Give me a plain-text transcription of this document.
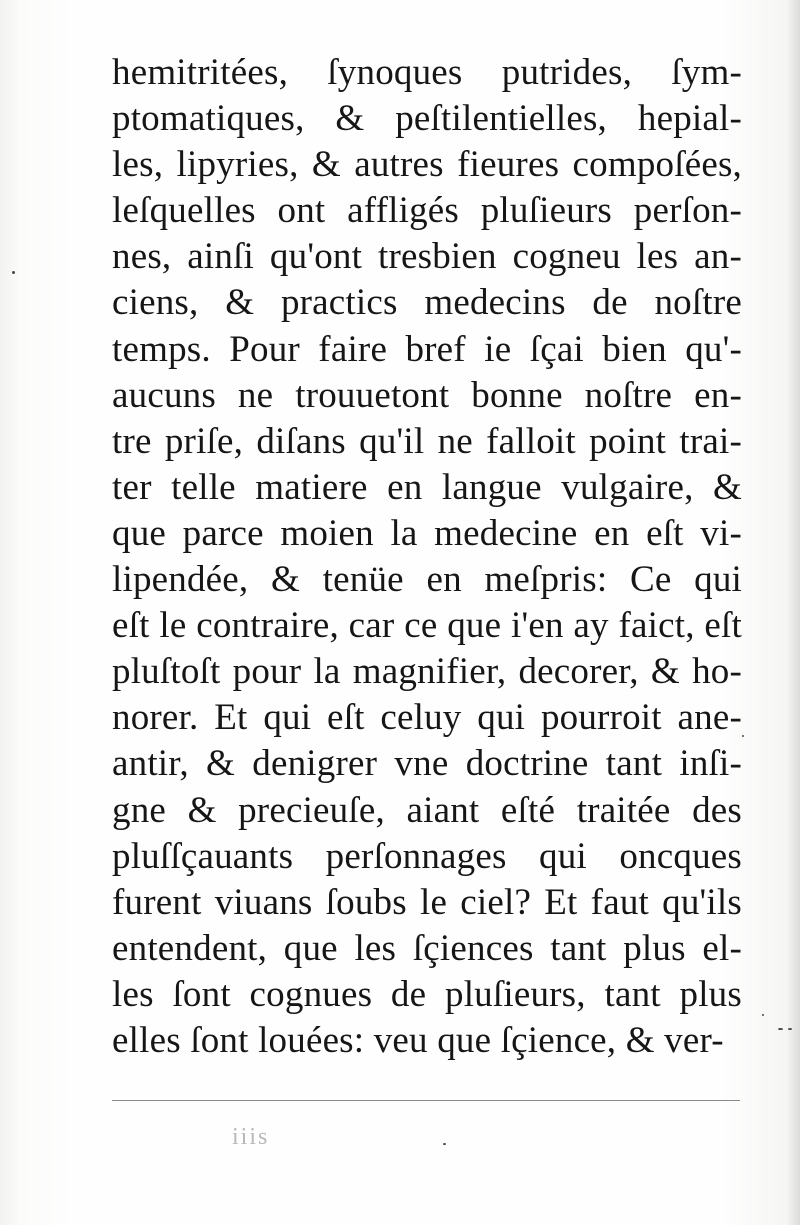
hemitritées, ſynoques putrides, ſym-
ptomatiques, & peſtilentielles, hepial-
les, lipyries, & autres fieures compoſées,
leſquelles ont affligés pluſieurs perſon-
nes, ainſi qu'ont tresbien cogneu les an-
ciens, & practics medecins de noſtre
temps. Pour faire bref ie ſçai bien qu'-
aucuns ne trouuetont bonne noſtre en-
tre priſe, diſans qu'il ne falloit point trai-
ter telle matiere en langue vulgaire, &
que parce moien la medecine en eſt vi-
lipendée, & tenüe en meſpris: Ce qui
eſt le contraire, car ce que i'en ay faict, eſt
pluſtoſt pour la magnifier, decorer, & ho-
norer. Et qui eſt celuy qui pourroit ane-
antir, & denigrer vne doctrine tant inſi-
gne & precieuſe, aiant eſté traitée des
pluſſçauants perſonnages qui oncques
furent viuans ſoubs le ciel? Et faut qu'ils
entendent, que les ſçiences tant plus el-
les ſont cognues de pluſieurs, tant plus
elles ſont louées: veu que ſçience, & ver-
iiis
